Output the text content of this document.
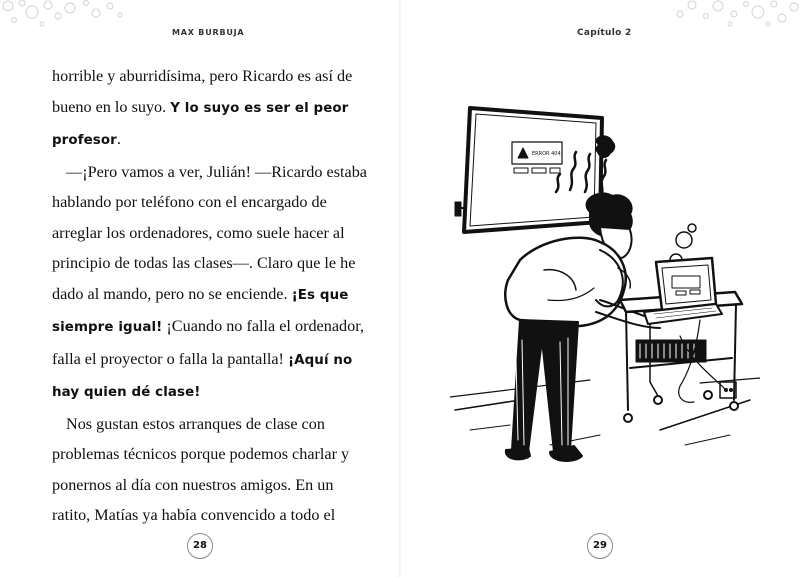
MAX BURBUJA

horrible y aburridísima, pero Ricardo es así de bueno en lo suyo. Y lo suyo es ser el peor profesor.

—¡Pero vamos a ver, Julián! —Ricardo estaba hablando por teléfono con el encargado de arreglar los ordenadores, como suele hacer al principio de todas las clases—. Claro que le he dado al mando, pero no se enciende. ¡Es que siempre igual! ¡Cuando no falla el ordenador, falla el proyector o falla la pantalla! ¡Aquí no hay quien dé clase!

Nos gustan estos arranques de clase con problemas técnicos porque podemos charlar y ponernos al día con nuestros amigos. En un ratito, Matías ya había convencido a todo el

28
Capítulo 2
ERROR 404
29
